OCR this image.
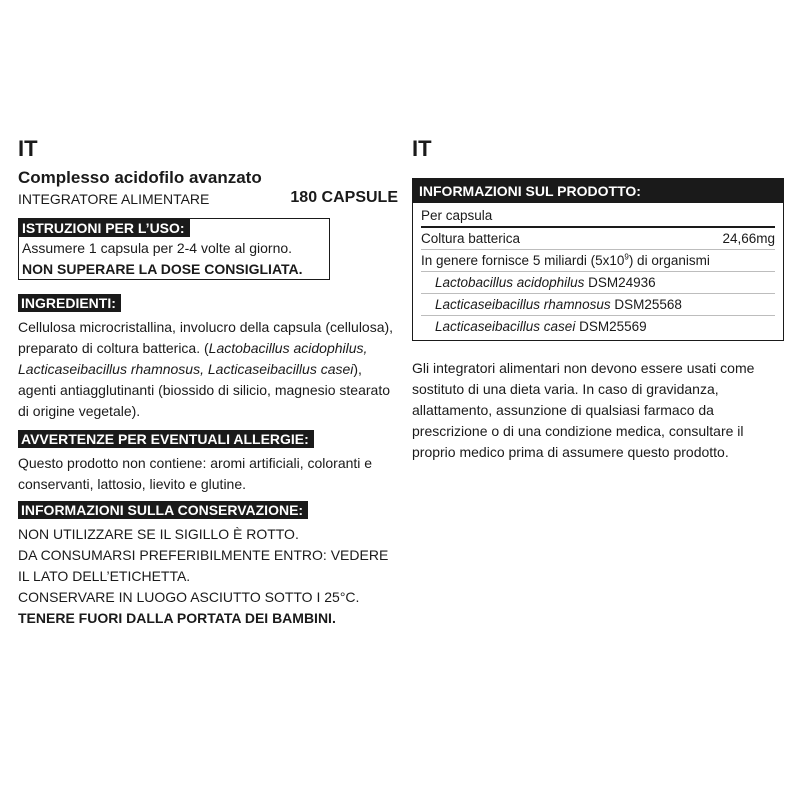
IT
Complesso acidofilo avanzato
INTEGRATORE ALIMENTARE	180 CAPSULE
ISTRUZIONI PER L’USO:

Assumere 1 capsula per 2-4 volte al giorno.

NON SUPERARE LA DOSE CONSIGLIATA.

INGREDIENTI:

Cellulosa microcristallina, involucro della capsula (cellulosa), preparato di coltura batterica. (Lactobacillus acidophilus, Lacticaseibacillus rhamnosus, Lacticaseibacillus casei), agenti antiagglutinanti (biossido di silicio, magnesio stearato di origine vegetale).

AVVERTENZE PER EVENTUALI ALLERGIE:

Questo prodotto non contiene: aromi artificiali, coloranti e conservanti, lattosio, lievito e glutine.

INFORMAZIONI SULLA CONSERVAZIONE:

NON UTILIZZARE SE IL SIGILLO È ROTTO.

DA CONSUMARSI PREFERIBILMENTE ENTRO: VEDERE IL LATO DELL’ETICHETTA.

CONSERVARE IN LUOGO ASCIUTTO SOTTO I 25°C.

TENERE FUORI DALLA PORTATA DEI BAMBINI.

IT
INFORMAZIONI SUL PRODOTTO:
Per capsula
Coltura batterica	24,66mg
In genere fornisce 5 miliardi $(5x10^9)$ di organismi
Lactobacillus acidophilus DSM24936
Lacticaseibacillus rhamnosus DSM25568
Lacticaseibacillus casei DSM25569

Gli integratori alimentari non devono essere usati come sostituto di una dieta varia. In caso di gravidanza, allattamento, assunzione di qualsiasi farmaco da prescrizione o di una condizione medica, consultare il proprio medico prima di assumere questo prodotto.
